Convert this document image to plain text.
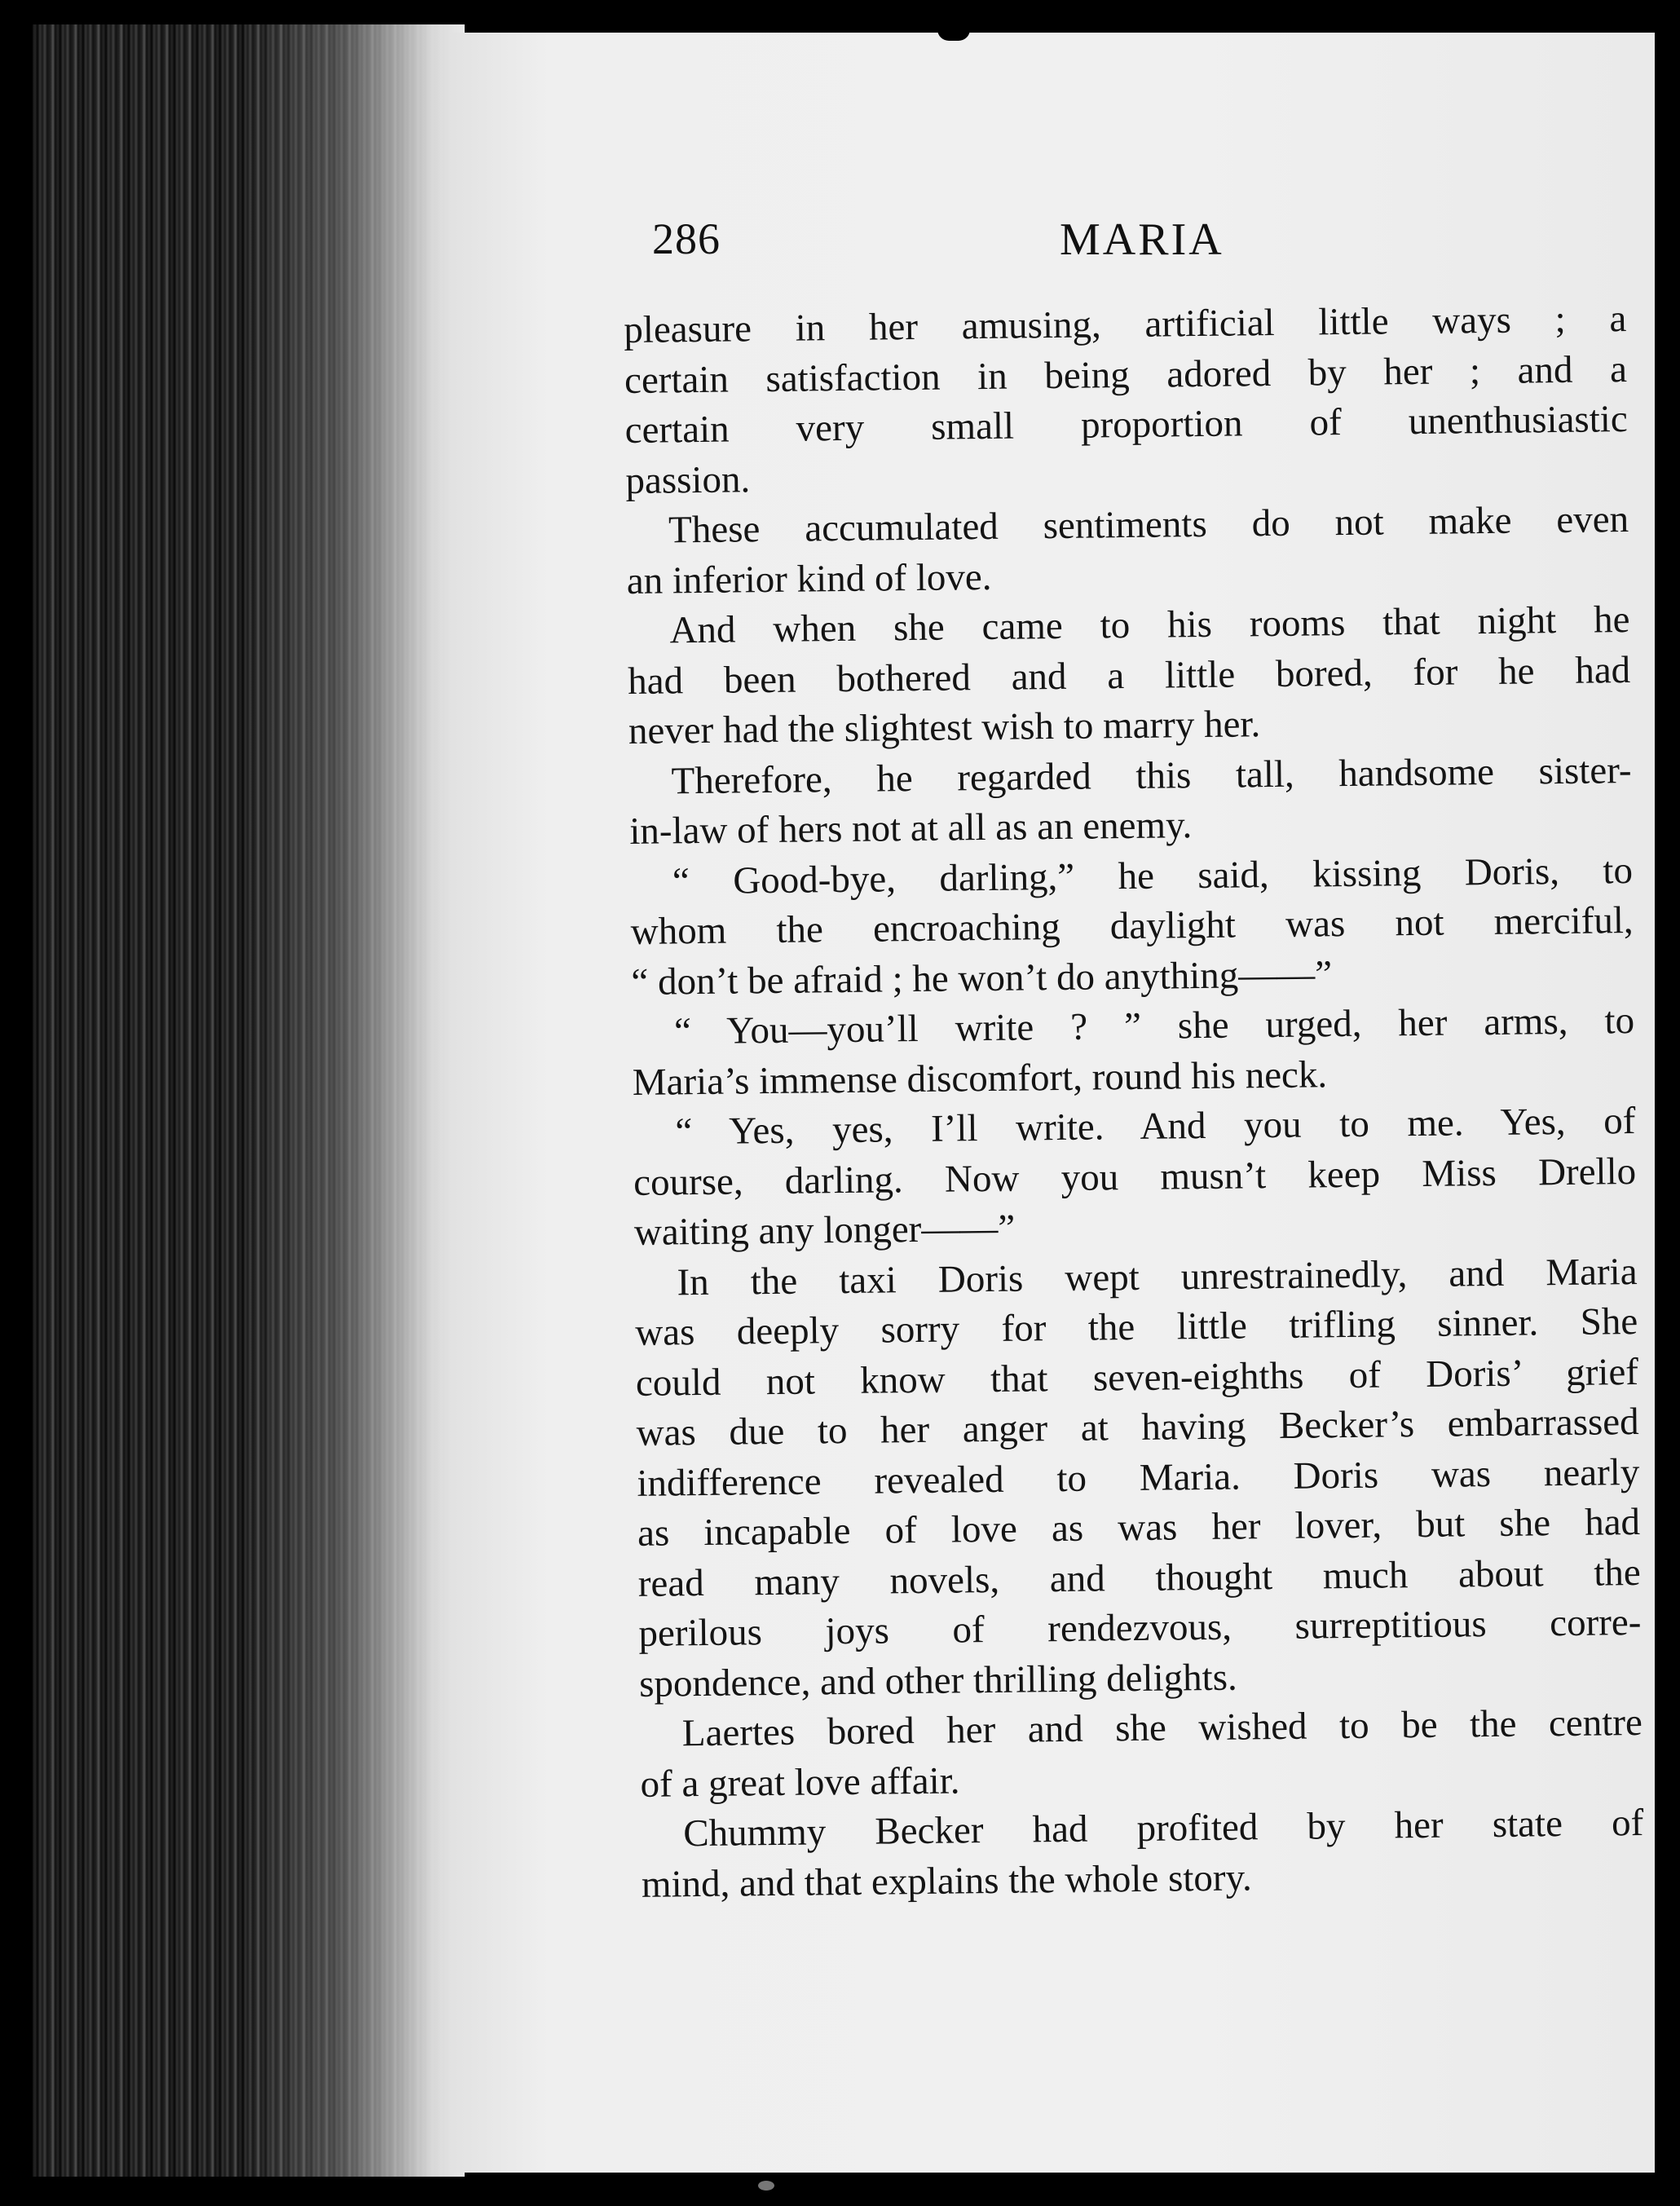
286	MARIA
pleasure in her amusing, artificial little ways ; a
certain satisfaction in being adored by her ; and a
certain very small proportion of unenthusiastic
passion.
These accumulated sentiments do not make even
an inferior kind of love.
And when she came to his rooms that night he
had been bothered and a little bored, for he had
never had the slightest wish to marry her.
Therefore, he regarded this tall, handsome sister-
in-law of hers not at all as an enemy.
“ Good-bye, darling,” he said, kissing Doris, to
whom the encroaching daylight was not merciful,
“ don’t be afraid ; he won’t do anything——”
“ You—you’ll write ? ” she urged, her arms, to
Maria’s immense discomfort, round his neck.
“ Yes, yes, I’ll write. And you to me. Yes, of
course, darling. Now you musn’t keep Miss Drello
waiting any longer——”
In the taxi Doris wept unrestrainedly, and Maria
was deeply sorry for the little trifling sinner. She
could not know that seven-eighths of Doris’ grief
was due to her anger at having Becker’s embarrassed
indifference revealed to Maria. Doris was nearly
as incapable of love as was her lover, but she had
read many novels, and thought much about the
perilous joys of rendezvous, surreptitious corre-
spondence, and other thrilling delights.
Laertes bored her and she wished to be the centre
of a great love affair.
Chummy Becker had profited by her state of
mind, and that explains the whole story.
